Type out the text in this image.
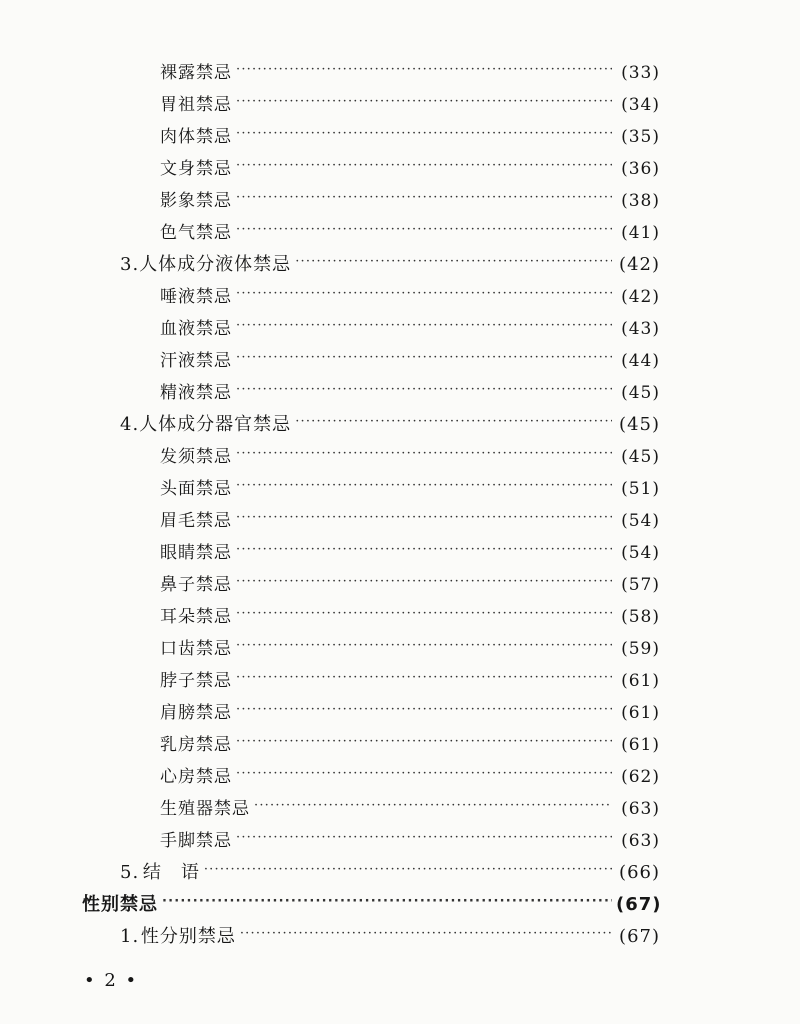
裸露禁忌 ·····	(33)
胃祖禁忌 ·····	(34)
肉体禁忌 ·····	(35)
文身禁忌 ·····	(36)
影象禁忌 ·····	(38)
色气禁忌 ·····	(41)
3. 人体成分液体禁忌 ·····	(42)
唾液禁忌 ·····	(42)
血液禁忌 ·····	(43)
汗液禁忌 ·····	(44)
精液禁忌 ·····	(45)
4. 人体成分器官禁忌 ·····	(45)
发须禁忌 ·····	(45)
头面禁忌 ·····	(51)
眉毛禁忌 ·····	(54)
眼睛禁忌 ·····	(54)
鼻子禁忌 ·····	(57)
耳朵禁忌 ·····	(58)
口齿禁忌 ·····	(59)
脖子禁忌 ·····	(61)
肩膀禁忌 ·····	(61)
乳房禁忌 ·····	(61)
心房禁忌 ·····	(62)
生殖器禁忌 ·····	(63)
手脚禁忌 ·····	(63)
5. 结　语 ·····	(66)
性别禁忌 ·····	(67)
1. 性分别禁忌 ·····	(67)
• 2 •
